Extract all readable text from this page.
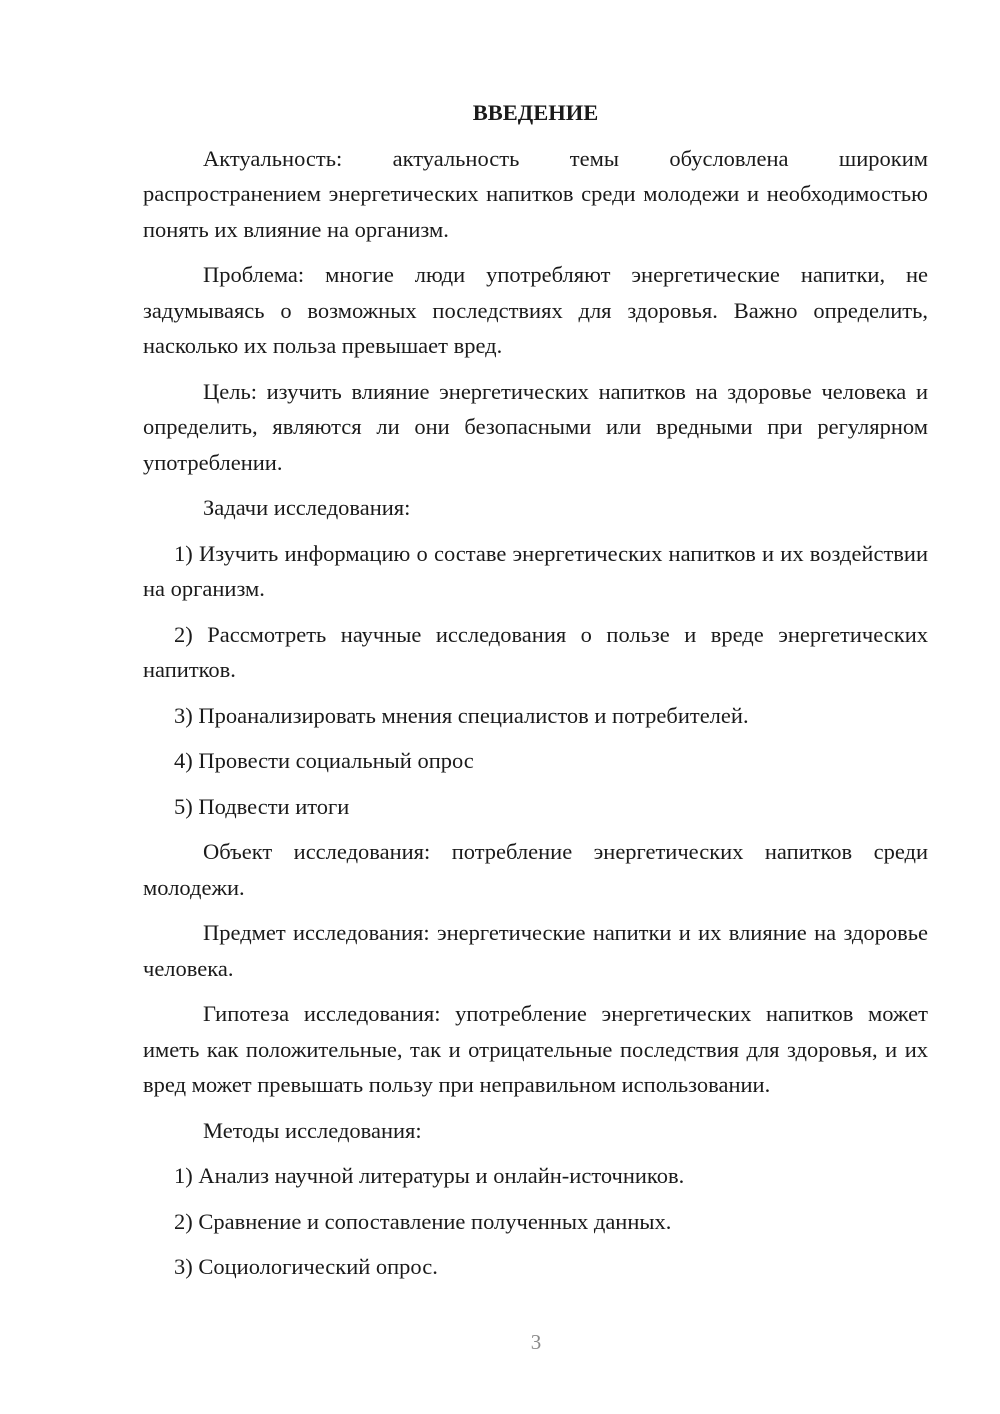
ВВЕДЕНИЕ

Актуальность: актуальность темы обусловлена широким распространением энергетических напитков среди молодежи и необходимостью понять их влияние на организм.

Проблема: многие люди употребляют энергетические напитки, не задумываясь о возможных последствиях для здоровья. Важно определить, насколько их польза превышает вред.

Цель: изучить влияние энергетических напитков на здоровье человека и определить, являются ли они безопасными или вредными при регулярном употреблении.

Задачи исследования:

1) Изучить информацию о составе энергетических напитков и их воздействии на организм.

2) Рассмотреть научные исследования о пользе и вреде энергетических напитков.

3) Проанализировать мнения специалистов и потребителей.

4) Провести социальный опрос

5) Подвести итоги

Объект исследования: потребление энергетических напитков среди молодежи.

Предмет исследования: энергетические напитки и их влияние на здоровье человека.

Гипотеза исследования: употребление энергетических напитков может иметь как положительные, так и отрицательные последствия для здоровья, и их вред может превышать пользу при неправильном использовании.

Методы исследования:

1) Анализ научной литературы и онлайн-источников.

2) Сравнение и сопоставление полученных данных.

3) Социологический опрос.

3
